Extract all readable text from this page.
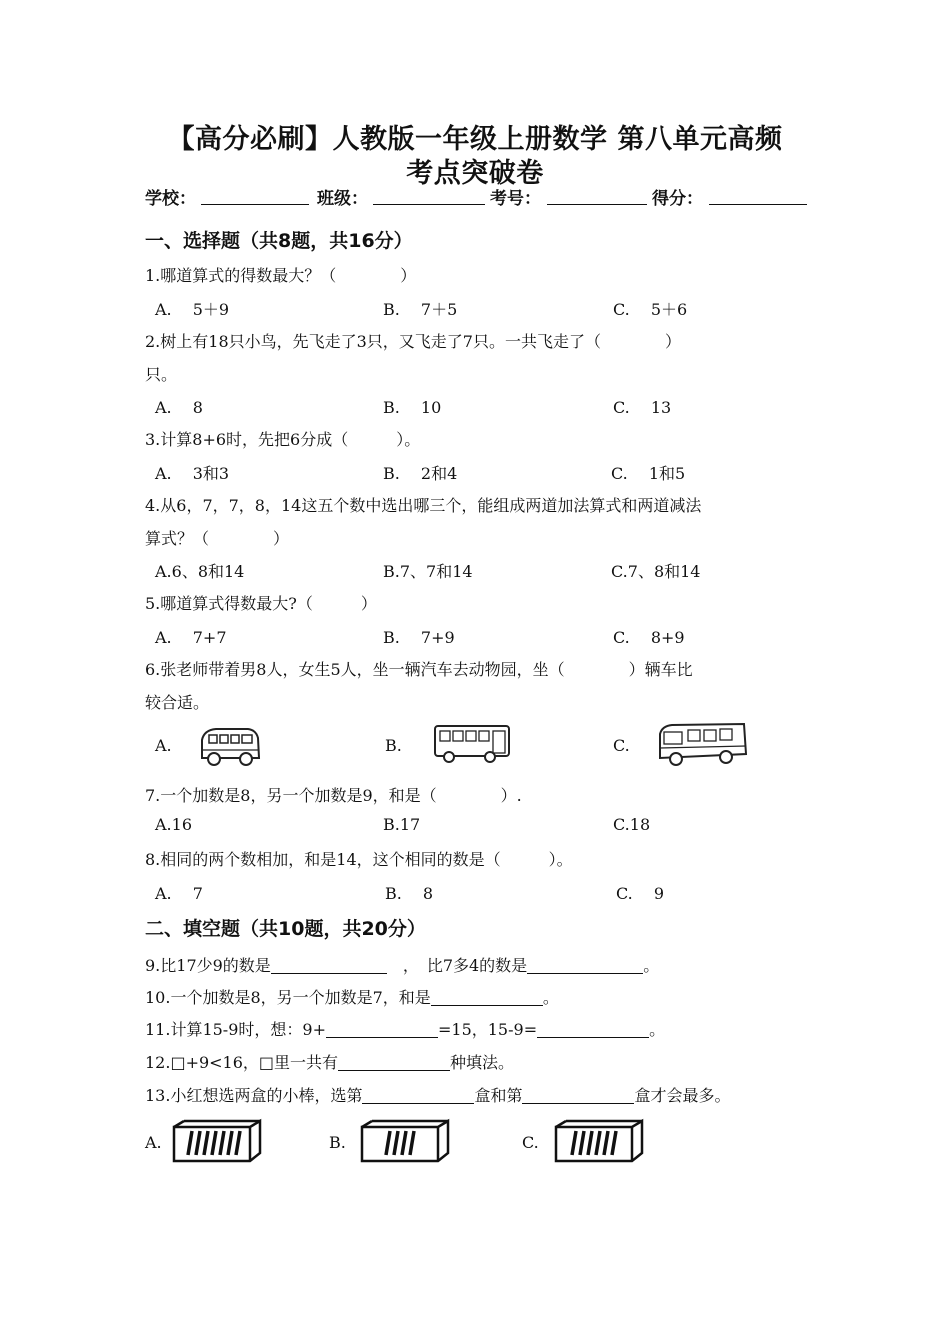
【高分必刷】人教版一年级上册数学 第八单元高频
考点突破卷
学校：	班级：	考号：	得分：
一、选择题（共8题，共16分）
1.哪道算式的得数最大？（　　　　）
A.　 5＋9	B.　 7＋5	C.　 5＋6
2.树上有18只小鸟，先飞走了3只，又飞走了7只。一共飞走了（　　　　）
只。
A.　 8	B.　 10	C.　 13
3.计算8+6时，先把6分成（　　　）。
A.　 3和3	B.　 2和4	C.　 1和5
4.从6，7，7，8，14这五个数中选出哪三个，能组成两道加法算式和两道减法
算式？（　　　　）
A.6、8和14	B.7、7和14	C.7、8和14
5.哪道算式得数最大?（　　　）
A.　 7+7	B.　 7+9	C.　 8+9
6.张老师带着男8人，女生5人，坐一辆汽车去动物园，坐（　　　　）辆车比
较合适。
A.	B.	C.
7.一个加数是8，另一个加数是9，和是（　　　　）.
A.16	B.17	C.18
8.相同的两个数相加，和是14，这个相同的数是（　　　）。
A.　 7	B.　 8	C.　 9
二、填空题（共10题，共20分）
9.比17少9的数是	　，　比7多4的数是	。
10.一个加数是8，另一个加数是7，和是	。
11.计算15-9时，想：9+	=15，15-9=	。
12.□+9<16，□里一共有	种填法。
13.小红想选两盒的小棒，选第	盒和第	盒才会最多。
A.	B.	C.
